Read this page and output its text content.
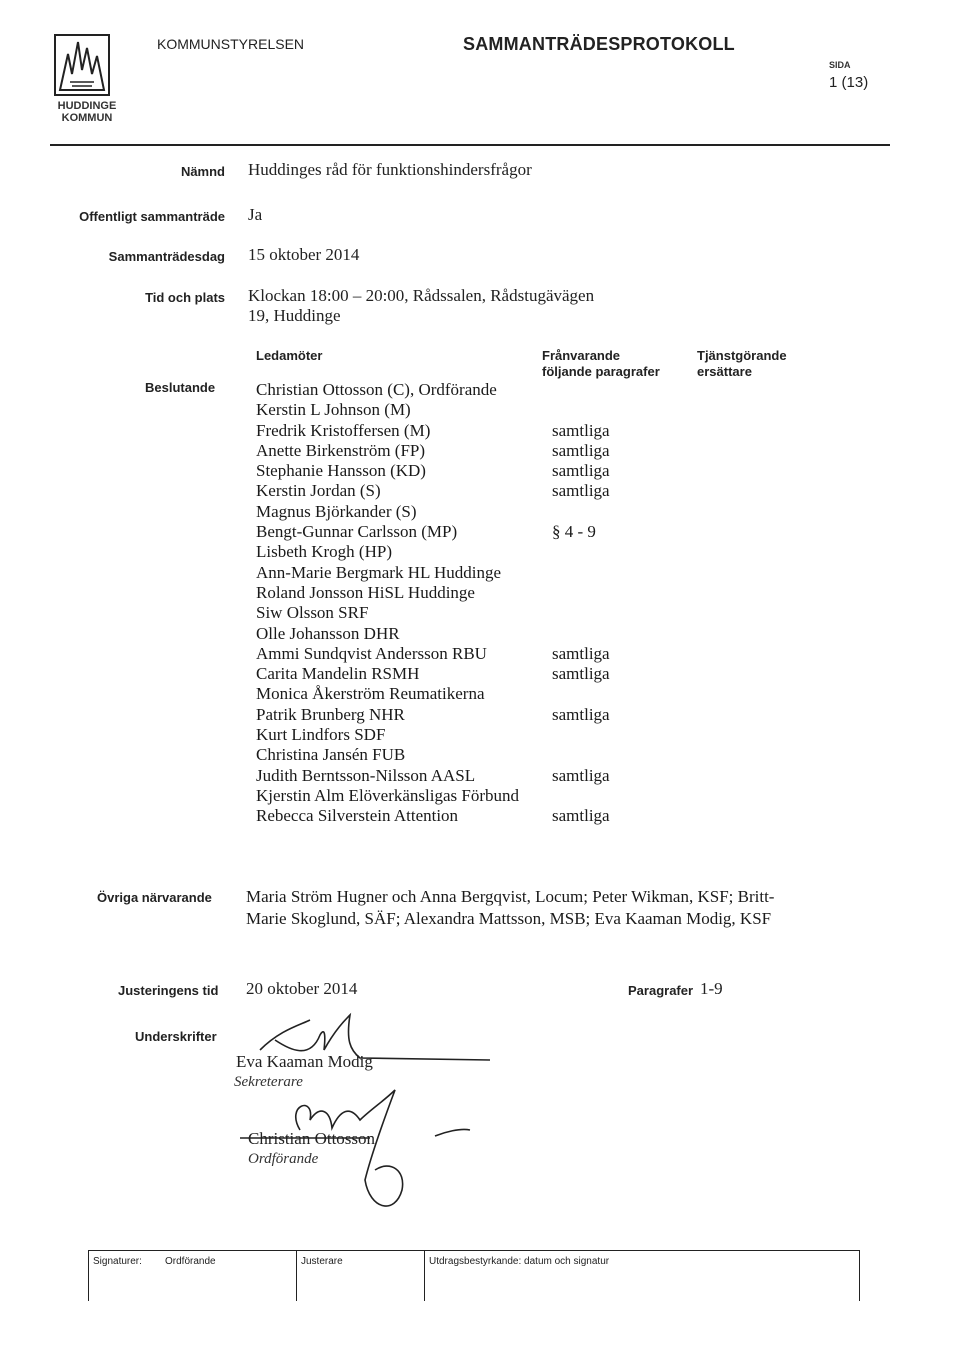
HUDDINGE KOMMUN
KOMMUNSTYRELSEN	SAMMANTRÄDESPROTOKOLL
SIDA
1 (13)
Nämnd Huddinges råd för funktionshindersfrågor
Offentligt sammanträde Ja
Sammanträdesdag 15 oktober 2014
Tid och plats Klockan 18:00 – 20:00, Rådssalen, Rådstugävägen
19, Huddinge
Ledamöter	Frånvarande
följande paragrafer
Tjänstgörande
ersättare
Beslutande Christian Ottosson (C), Ordförande
Kerstin L Johnson (M)
Fredrik Kristoffersen (M)	samtliga
Anette Birkenström (FP)	samtliga
Stephanie Hansson (KD)	samtliga
Kerstin Jordan (S)	samtliga
Magnus Björkander (S)
Bengt-Gunnar Carlsson (MP)	§ 4 - 9
Lisbeth Krogh (HP)
Ann-Marie Bergmark HL Huddinge
Roland Jonsson HiSL Huddinge
Siw Olsson SRF
Olle Johansson DHR
Ammi Sundqvist Andersson RBU	samtliga
Carita Mandelin RSMH	samtliga
Monica Åkerström Reumatikerna
Patrik Brunberg NHR	samtliga
Kurt Lindfors SDF
Christina Jansén FUB
Judith Berntsson-Nilsson AASL	samtliga
Kjerstin Alm Elöverkänsligas Förbund
Rebecca Silverstein Attention	samtliga
Övriga närvarande Maria Ström Hugner och Anna Bergqvist, Locum; Peter Wikman, KSF; Britt-Marie Skoglund, SÄF; Alexandra Mattsson, MSB; Eva Kaaman Modig, KSF
Justeringens tid 20 oktober 2014	Paragrafer 1-9
Underskrifter
Eva Kaaman Modig
Sekreterare
Christian Ottosson
Ordförande
Signaturer: Ordförande	Justerare	Utdragsbestyrkande: datum och signatur
